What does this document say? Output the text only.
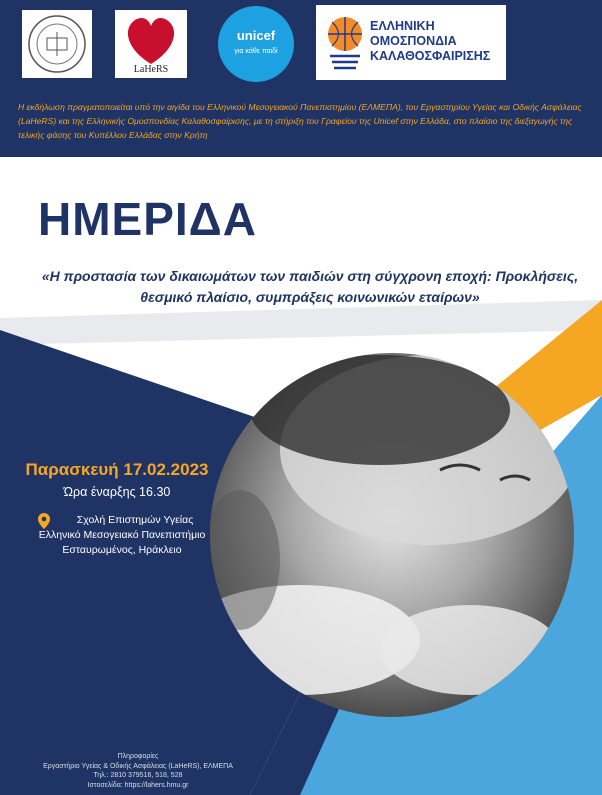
LaHeRS
unicef
για κάθε παιδί
ΕΛΛΗΝΙΚΗ
ΟΜΟΣΠΟΝΔΙΑ
ΚΑΛΑΘΟΣΦΑΙΡΙΣΗΣ

Η εκδήλωση πραγματοποιείται υπό την αιγίδα του Ελληνικού Μεσογειακού Πανεπιστημίου (ΕΛΜΕΠΑ), του Εργαστηρίου Υγείας και Οδικής Ασφάλειας (LaHeRS) και της Ελληνικής Ομοσπονδίας Καλαθοσφαίρισης, με τη στήριξη του Γραφείου της Unicef στην Ελλάδα, στο πλαίσιο της διεξαγωγής της τελικής φάσης του Κυπέλλου Ελλάδας στην Κρήτη

ΗΜΕΡΙΔΑ

«Η προστασία των δικαιωμάτων των παιδιών στη σύγχρονη εποχή: Προκλήσεις, θεσμικό πλαίσιο, συμπράξεις κοινωνικών εταίρων»

Παρασκευή 17.02.2023

Ώρα έναρξης 16.30

Σχολή Επιστημών Υγείας
Ελληνικό Μεσογειακό Πανεπιστήμιο
Εσταυρωμένος, Ηράκλειο
Πληροφορίες
Εργαστήριο Υγείας & Οδικής Ασφάλειας (LaHeRS), ΕΛΜΕΠΑ
Τηλ.: 2810 379516, 518, 528
Ιστοσελίδα: https://lahers.hmu.gr
